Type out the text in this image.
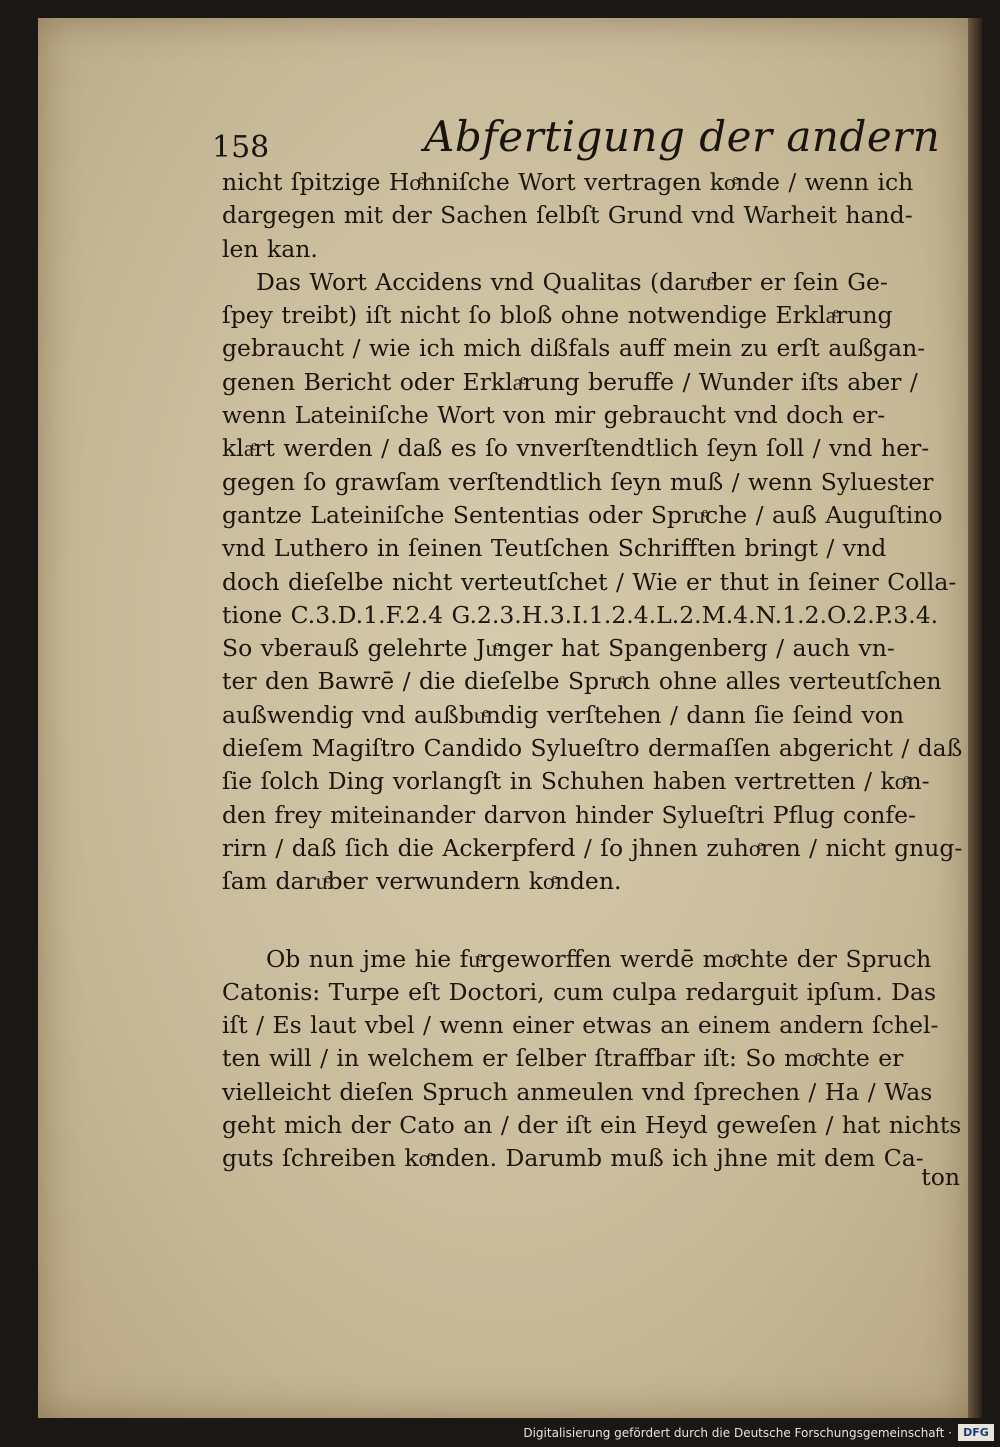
158	Abfertigung der andern
nicht ſpitzige Hoͤhniſche Wort vertragen koͤnde / wenn ich
dargegen mit der Sachen ſelbſt Grund vnd Warheit hand-
len kan.
Das Wort Accidens vnd Qualitas (daruͤber er ſein Ge-
ſpey treibt) iſt nicht ſo bloß ohne notwendige Erklaͤrung
gebraucht / wie ich mich dißfals auff mein zu erſt außgan-
genen Bericht oder Erklaͤrung beruffe / Wunder iſts aber /
wenn Lateiniſche Wort von mir gebraucht vnd doch er-
klaͤrt werden / daß es ſo vnverſtendtlich ſeyn ſoll / vnd her-
gegen ſo grawſam verſtendtlich ſeyn muß / wenn Syluester
gantze Lateiniſche Sententias oder Spruͤche / auß Auguſtino
vnd Luthero in ſeinen Teutſchen Schrifften bringt / vnd
doch dieſelbe nicht verteutſchet / Wie er thut in ſeiner Colla-
tione C.3.D.1.F.2.4 G.2.3.H.3.I.1.2.4.L.2.M.4.N.1.2.O.2.P.3.4.
So vberauß gelehrte Juͤnger hat Spangenberg / auch vn-
ter den Bawrē / die dieſelbe Spruͤch ohne alles verteutſchen
außwendig vnd außbuͤndig verſtehen / dann ſie ſeind von
dieſem Magiſtro Candido Sylueſtro dermaſſen abgericht / daß
ſie ſolch Ding vorlangſt in Schuhen haben vertretten / koͤn-
den frey miteinander darvon hinder Sylueſtri Pflug confe-
rirn / daß ſich die Ackerpferd / ſo jhnen zuhoͤren / nicht gnug-
ſam daruͤber verwundern koͤnden.
Ob nun jme hie fuͤrgeworffen werdē moͤchte der Spruch
Catonis: Turpe eſt Doctori, cum culpa redarguit ipſum. Das
iſt / Es laut vbel / wenn einer etwas an einem andern ſchel-
ten will / in welchem er ſelber ſtraffbar iſt: So moͤchte er
vielleicht dieſen Spruch anmeulen vnd ſprechen / Ha / Was
geht mich der Cato an / der iſt ein Heyd geweſen / hat nichts
guts ſchreiben koͤnden. Darumb muß ich jhne mit dem Ca-
ton
Digitalisierung gefördert durch die Deutsche Forschungsgemeinschaft ·	DFG
